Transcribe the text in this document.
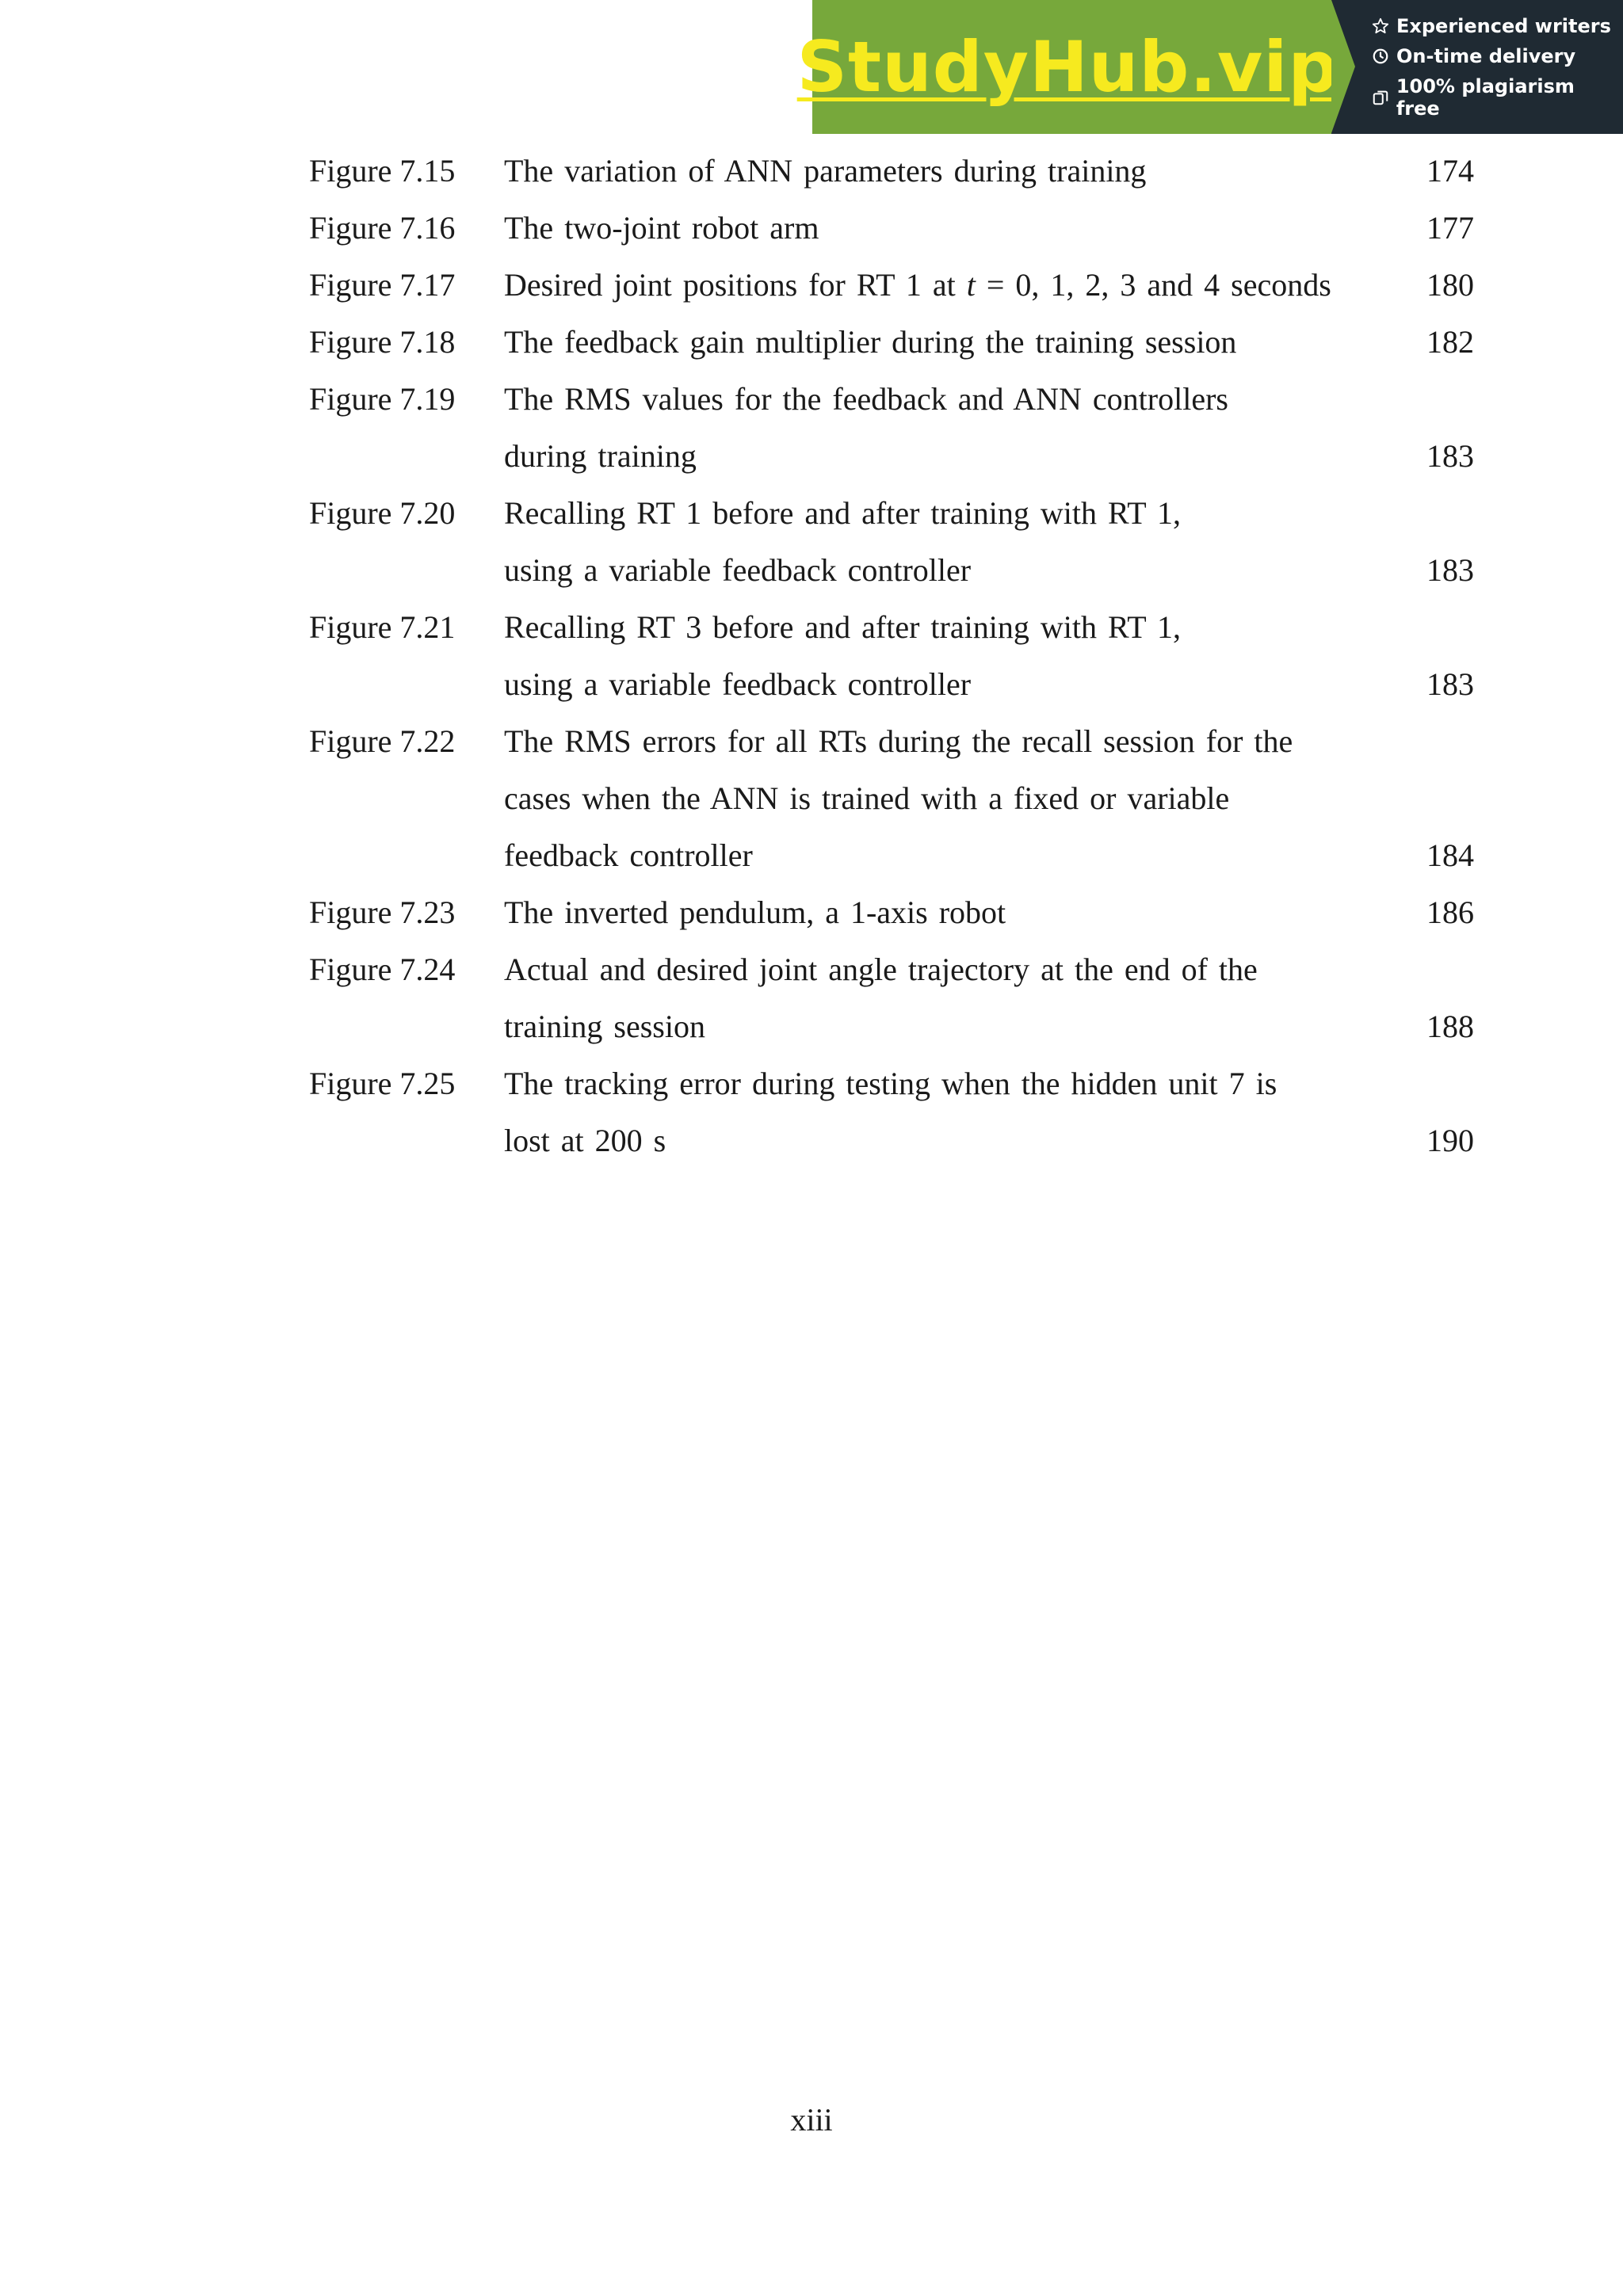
StudyHub.vip
Experienced writers
On-time delivery
100% plagiarism free
Figure 7.15	The variation of ANN parameters during training	174
Figure 7.16	The two-joint robot arm	177
Figure 7.17	Desired joint positions for RT 1 at t = 0, 1, 2, 3 and 4 seconds	180
Figure 7.18	The feedback gain multiplier during the training session	182
Figure 7.19	The RMS values for the feedback and ANN controllers
during training	183
Figure 7.20	Recalling RT 1 before and after training with RT 1,
using a variable feedback controller	183
Figure 7.21	Recalling RT 3 before and after training with RT 1,
using a variable feedback controller	183
Figure 7.22	The RMS errors for all RTs during the recall session for the
cases when the ANN is trained with a fixed or variable
feedback controller	184
Figure 7.23	The inverted pendulum, a 1-axis robot	186
Figure 7.24	Actual and desired joint angle trajectory at the end of the
training session	188
Figure 7.25	The tracking error during testing when the hidden unit 7 is
lost at 200 s	190
xiii
